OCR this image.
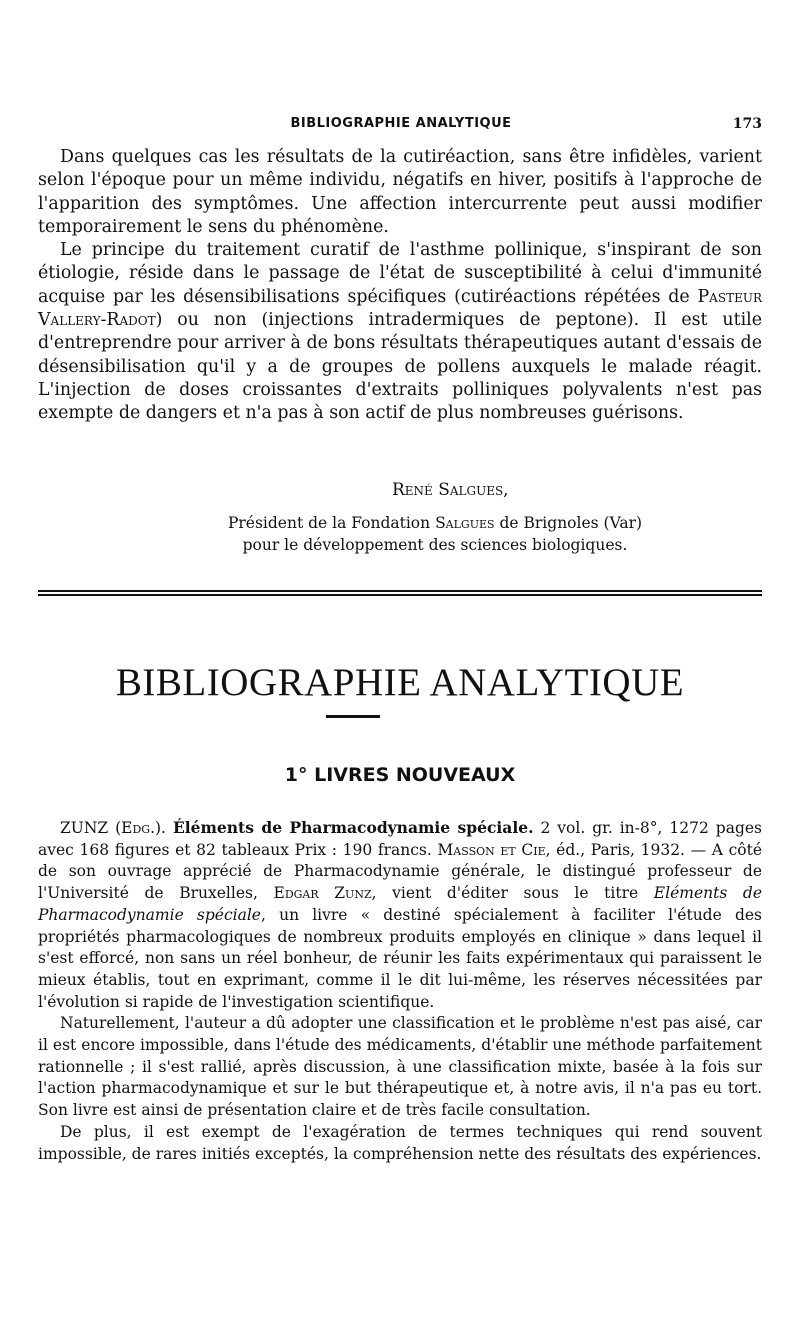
BIBLIOGRAPHIE ANALYTIQUE	173

Dans quelques cas les résultats de la cutiréaction, sans être infidèles, varient selon l'époque pour un même individu, négatifs en hiver, positifs à l'approche de l'apparition des symptômes. Une affection intercurrente peut aussi modifier temporairement le sens du phénomène.

Le principe du traitement curatif de l'asthme pollinique, s'inspirant de son étiologie, réside dans le passage de l'état de susceptibilité à celui d'immunité acquise par les désensibilisations spécifiques (cutiréactions répétées de Pasteur Vallery-Radot) ou non (injections intradermiques de peptone). Il est utile d'entreprendre pour arriver à de bons résultats thérapeutiques autant d'essais de désensibilisation qu'il y a de groupes de pollens auxquels le malade réagit. L'injection de doses croissantes d'extraits polliniques polyvalents n'est pas exempte de dangers et n'a pas à son actif de plus nombreuses guérisons.

René Salgues,
Président de la Fondation Salgues de Brignoles (Var)
pour le développement des sciences biologiques.
BIBLIOGRAPHIE ANALYTIQUE
1° LIVRES NOUVEAUX

ZUNZ (Edg.). Éléments de Pharmacodynamie spéciale. 2 vol. gr. in-8°, 1272 pages avec 168 figures et 82 tableaux Prix : 190 francs. Masson et Cie, éd., Paris, 1932. — A côté de son ouvrage apprécié de Pharmacodynamie générale, le distingué professeur de l'Université de Bruxelles, Edgar Zunz, vient d'éditer sous le titre Eléments de Pharmacodynamie spéciale, un livre « destiné spécialement à faciliter l'étude des propriétés pharmacologiques de nombreux produits employés en clinique » dans lequel il s'est efforcé, non sans un réel bonheur, de réunir les faits expérimentaux qui paraissent le mieux établis, tout en exprimant, comme il le dit lui-même, les réserves nécessitées par l'évolution si rapide de l'investigation scientifique.

Naturellement, l'auteur a dû adopter une classification et le problème n'est pas aisé, car il est encore impossible, dans l'étude des médicaments, d'établir une méthode parfaitement rationnelle ; il s'est rallié, après discussion, à une classification mixte, basée à la fois sur l'action pharmacodynamique et sur le but thérapeutique et, à notre avis, il n'a pas eu tort. Son livre est ainsi de présentation claire et de très facile consultation.

De plus, il est exempt de l'exagération de termes techniques qui rend souvent impossible, de rares initiés exceptés, la compréhension nette des résultats des expériences.
